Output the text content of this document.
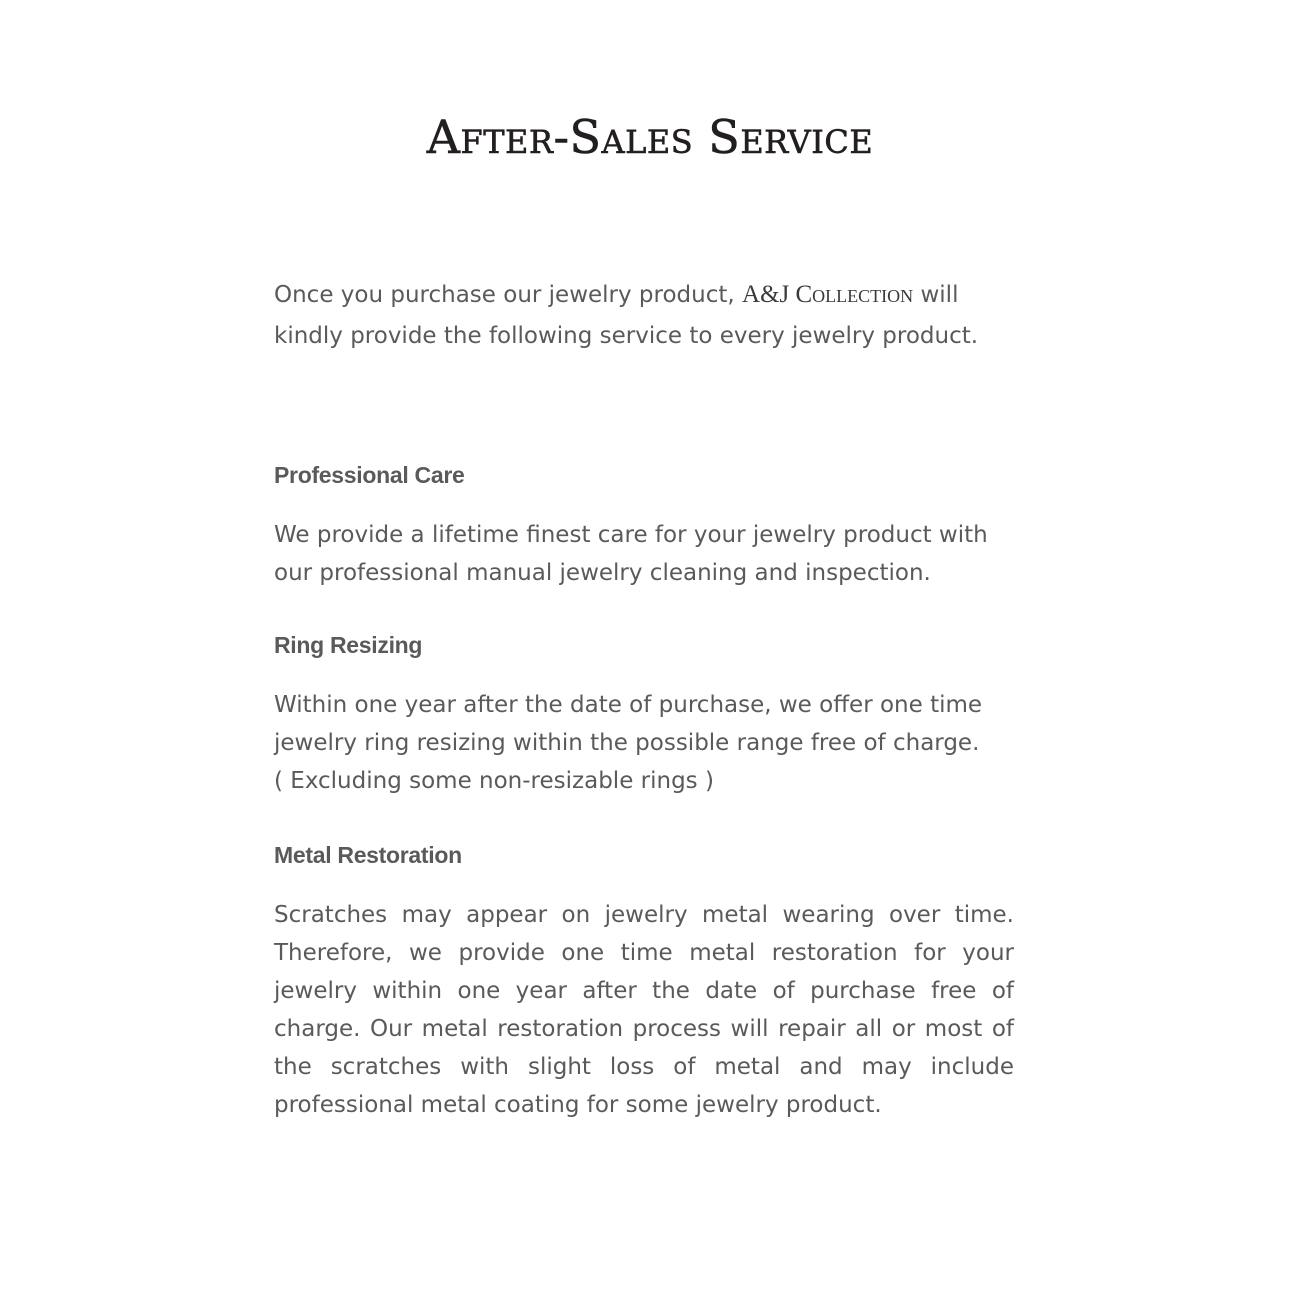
After-Sales Service

Once you purchase our jewelry product, A&J Collection will kindly provide the following service to every jewelry product.

Professional Care

We provide a lifetime finest care for your jewelry product with our professional manual jewelry cleaning and inspection.

Ring Resizing

Within one year after the date of purchase, we offer one time jewelry ring resizing within the possible range free of charge.
( Excluding some non-resizable rings )

Metal Restoration

Scratches may appear on jewelry metal wearing over time. Therefore, we provide one time metal restoration for your jewelry within one year after the date of purchase free of charge. Our metal restoration process will repair all or most of the scratches with slight loss of metal and may include professional metal coating for some jewelry product.
